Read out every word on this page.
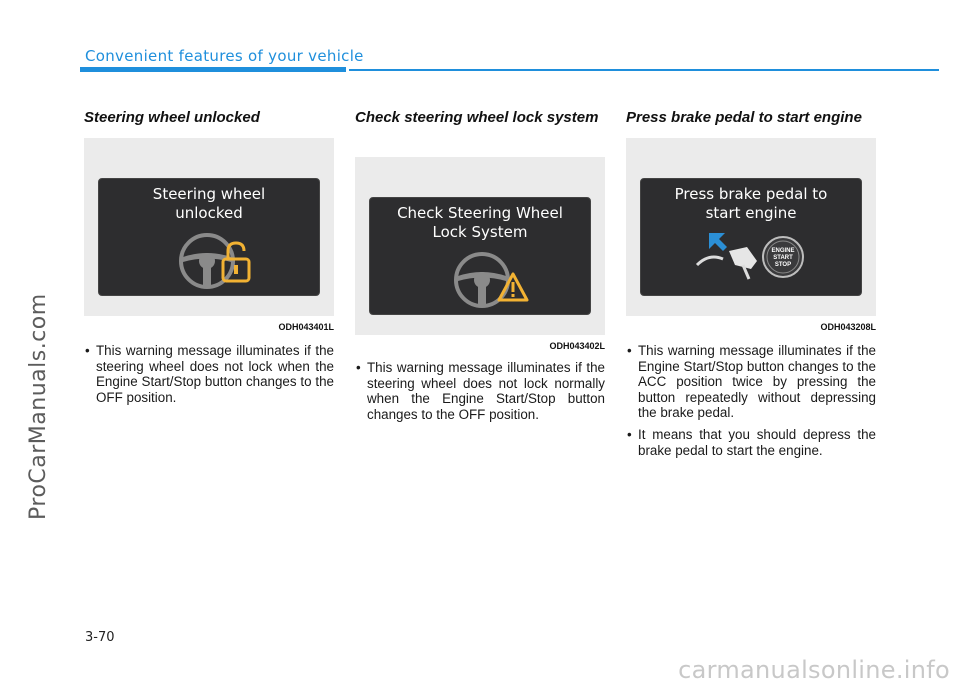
ProCarManuals.com
Convenient features of your vehicle
Steering wheel unlocked
Steering wheel
unlocked
ODH043401L
• This warning message illuminates if the steering wheel does not lock when the Engine Start/Stop button changes to the OFF position.
Check steering wheel lock system
Check Steering Wheel
Lock System
ODH043402L
• This warning message illuminates if the steering wheel does not lock normally when the Engine Start/Stop button changes to the OFF position.
Press brake pedal to start engine
Press brake pedal to
start engine
ENGINE
START
STOP
ODH043208L
• This warning message illuminates if the Engine Start/Stop button changes to the ACC position twice by pressing the button repeatedly without depressing the brake pedal.
• It means that you should depress the brake pedal to start the engine.
3-70
carmanualsonline.info
